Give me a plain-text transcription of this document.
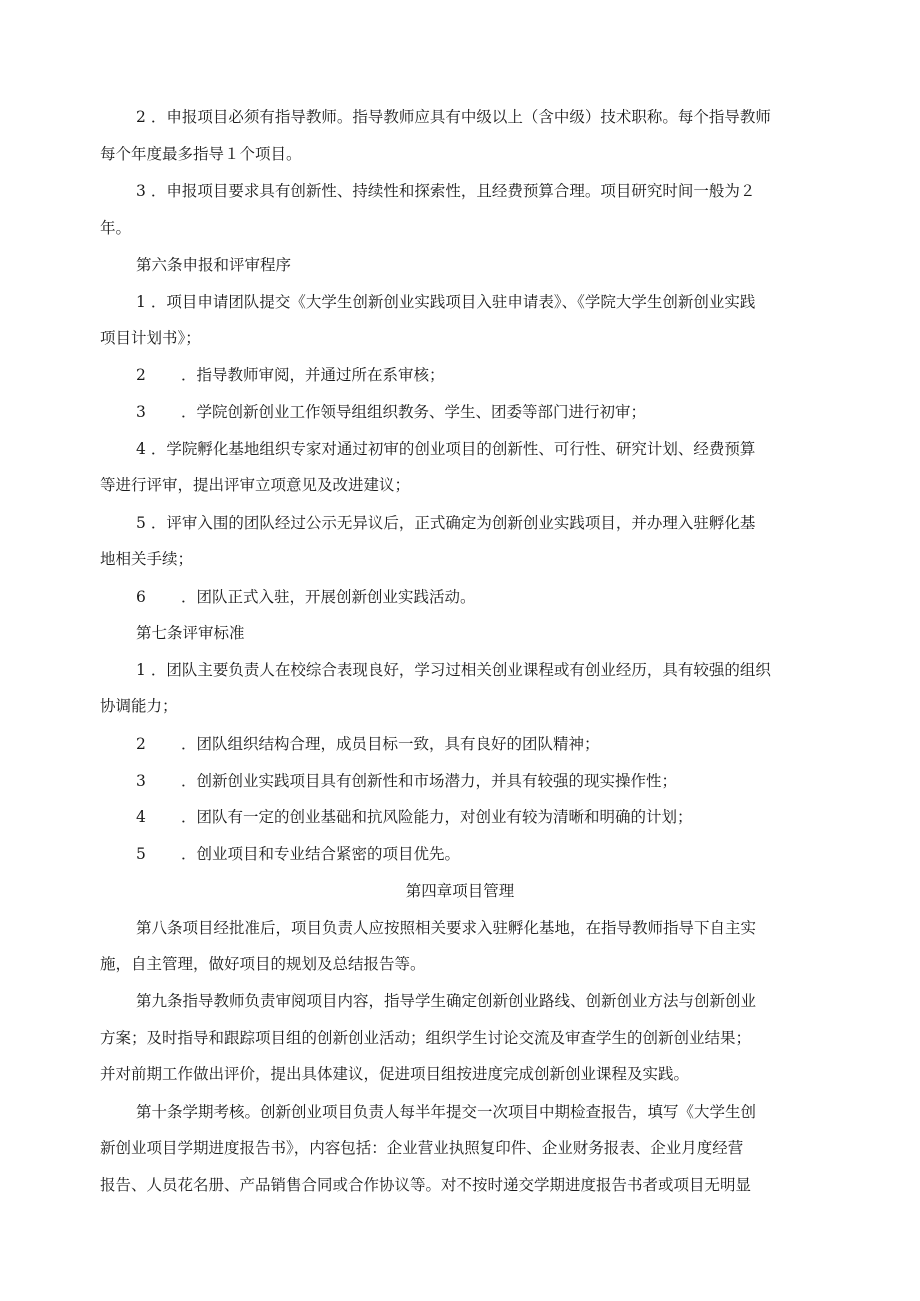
2 ．申报项目必须有指导教师。指导教师应具有中级以上（含中级）技术职称。每个指导教师
每个年度最多指导１个项目。
3 ．申报项目要求具有创新性、持续性和探索性，且经费预算合理。项目研究时间一般为２
年。
第六条申报和评审程序
1 ．项目申请团队提交《大学生创新创业实践项目入驻申请表》、《学院大学生创新创业实践
项目计划书》；
2 ．指导教师审阅，并通过所在系审核；
3 ．学院创新创业工作领导组组织教务、学生、团委等部门进行初审；
4 ．学院孵化基地组织专家对通过初审的创业项目的创新性、可行性、研究计划、经费预算
等进行评审，提出评审立项意见及改进建议；
5 ．评审入围的团队经过公示无异议后，正式确定为创新创业实践项目，并办理入驻孵化基
地相关手续；
6 ．团队正式入驻，开展创新创业实践活动。
第七条评审标准
1 ．团队主要负责人在校综合表现良好，学习过相关创业课程或有创业经历，具有较强的组织
协调能力；
2 ．团队组织结构合理，成员目标一致，具有良好的团队精神；
3 ．创新创业实践项目具有创新性和市场潜力，并具有较强的现实操作性；
4 ．团队有一定的创业基础和抗风险能力，对创业有较为清晰和明确的计划；
5 ．创业项目和专业结合紧密的项目优先。
第四章项目管理
第八条项目经批准后，项目负责人应按照相关要求入驻孵化基地，在指导教师指导下自主实
施，自主管理，做好项目的规划及总结报告等。
第九条指导教师负责审阅项目内容，指导学生确定创新创业路线、创新创业方法与创新创业
方案；及时指导和跟踪项目组的创新创业活动；组织学生讨论交流及审查学生的创新创业结果；
并对前期工作做出评价，提出具体建议，促进项目组按进度完成创新创业课程及实践。
第十条学期考核。创新创业项目负责人每半年提交一次项目中期检查报告，填写《大学生创
新创业项目学期进度报告书》，内容包括：企业营业执照复印件、企业财务报表、企业月度经营
报告、人员花名册、产品销售合同或合作协议等。对不按时递交学期进度报告书者或项目无明显
